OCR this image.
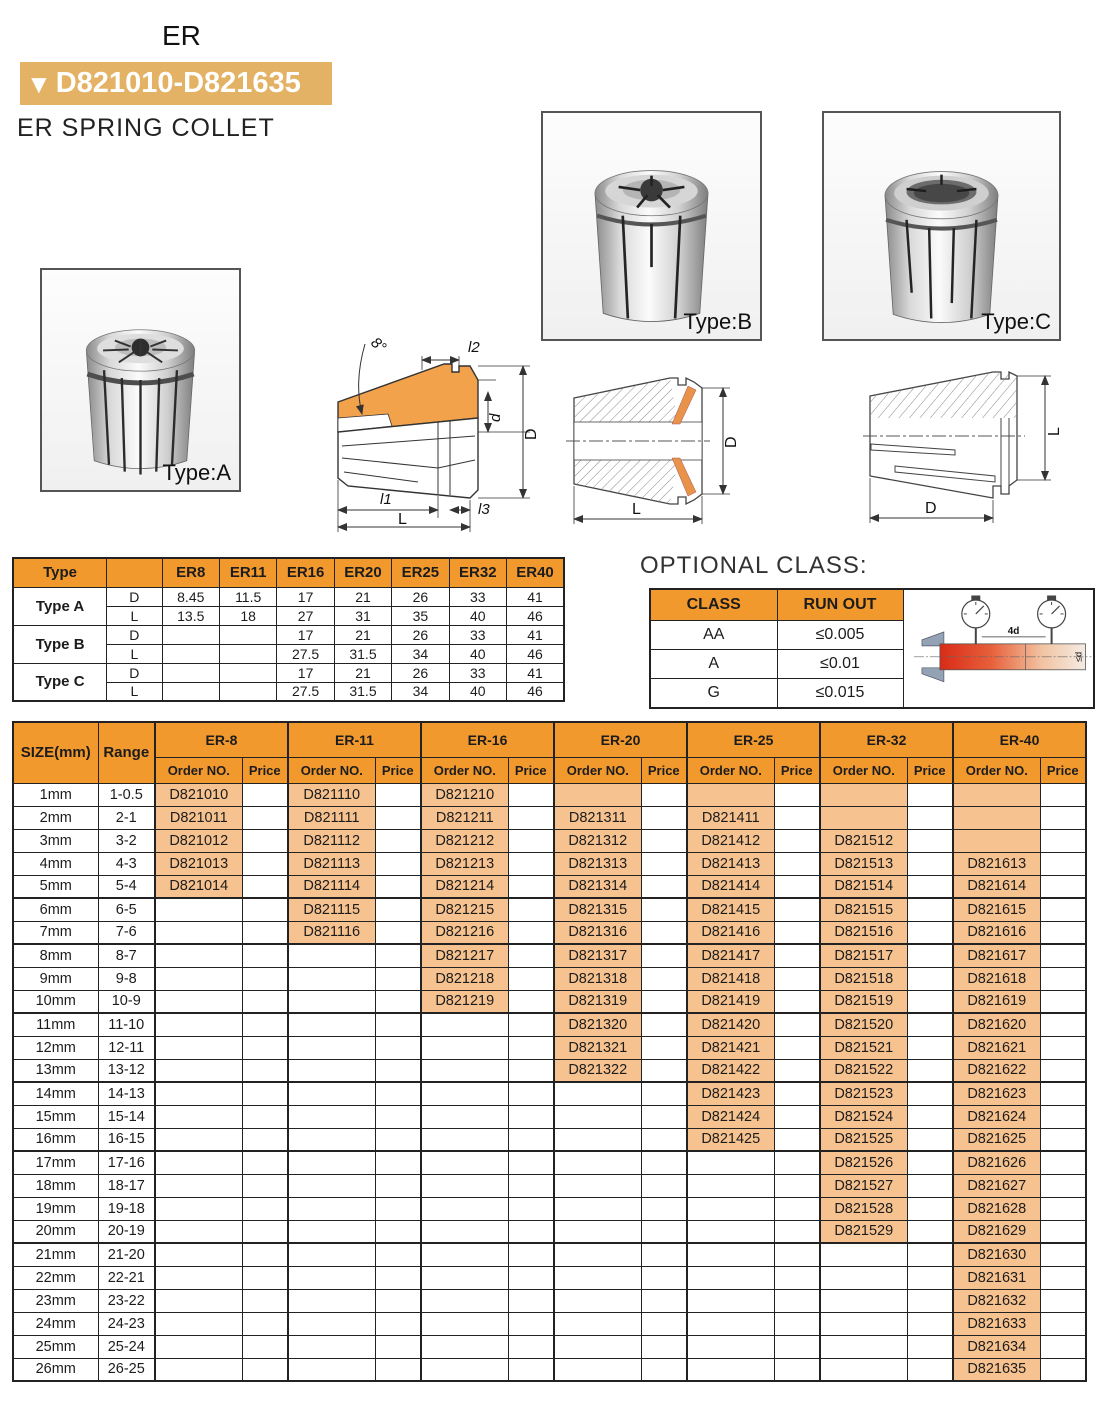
ER
▼ D821010-D821635
ER SPRING COLLET
Type:A
Type:B	Type:C
8°	l2
d
D
l1
l3
L
D
L
L
D
Type		ER8	ER11	ER16	ER20	ER25	ER32	ER40
Type A	D	8.45	11.5	17	21	26	33	41
	L	13.5	18	27	31	35	40	46
Type B	D			17	21	26	33	41
	L			27.5	31.5	34	40	46
Type C	D			17	21	26	33	41
	L			27.5	31.5	34	40	46
OPTIONAL CLASS:
CLASS	RUN OUT	4d
≤d

AA	≤0.005	
A	≤0.01	
G	≤0.015	
SIZE(mm)	Range	ER-8		ER-11		ER-16		ER-20		ER-25		ER-32		ER-40	
		Order NO.	Price	Order NO.	Price	Order NO.	Price	Order NO.	Price	Order NO.	Price	Order NO.	Price	Order NO.	Price
1mm	1-0.5	D821010		D821110		D821210									
2mm	2-1	D821011		D821111		D821211		D821311		D821411					
3mm	3-2	D821012		D821112		D821212		D821312		D821412		D821512			
4mm	4-3	D821013		D821113		D821213		D821313		D821413		D821513		D821613	
5mm	5-4	D821014		D821114		D821214		D821314		D821414		D821514		D821614	
6mm	6-5			D821115		D821215		D821315		D821415		D821515		D821615	
7mm	7-6			D821116		D821216		D821316		D821416		D821516		D821616	
8mm	8-7					D821217		D821317		D821417		D821517		D821617	
9mm	9-8					D821218		D821318		D821418		D821518		D821618	
10mm	10-9					D821219		D821319		D821419		D821519		D821619	
11mm	11-10							D821320		D821420		D821520		D821620	
12mm	12-11							D821321		D821421		D821521		D821621	
13mm	13-12							D821322		D821422		D821522		D821622	
14mm	14-13									D821423		D821523		D821623	
15mm	15-14									D821424		D821524		D821624	
16mm	16-15									D821425		D821525		D821625	
17mm	17-16											D821526		D821626	
18mm	18-17											D821527		D821627	
19mm	19-18											D821528		D821628	
20mm	20-19											D821529		D821629	
21mm	21-20													D821630	
22mm	22-21													D821631	
23mm	23-22													D821632	
24mm	24-23													D821633	
25mm	25-24													D821634	
26mm	26-25													D821635	
